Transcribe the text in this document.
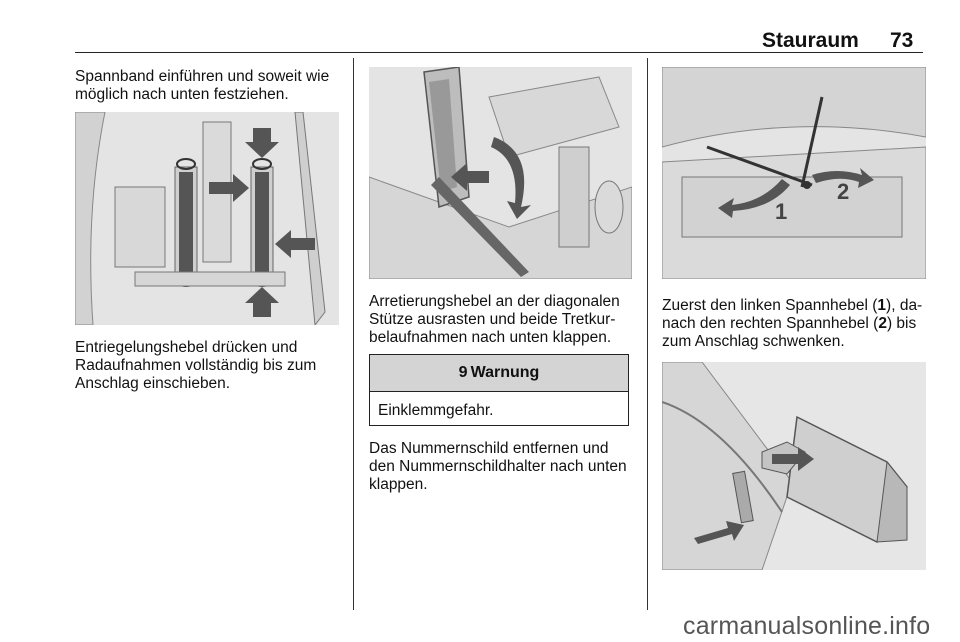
Stauraum 73

Spannband einführen und soweit wie
möglich nach unten festziehen.

Entriegelungshebel drücken und
Radaufnahmen vollständig bis zum
Anschlag einschieben.

Arretierungshebel an der diagonalen
Stütze ausrasten und beide Tretkur-
belaufnahmen nach unten klappen.

9 Warnung
Einklemmgefahr.

Das Nummernschild entfernen und
den Nummernschildhalter nach unten
klappen.

1
2

Zuerst den linken Spannhebel (1), da-
nach den rechten Spannhebel (2) bis
zum Anschlag schwenken.

carmanualsonline.info
